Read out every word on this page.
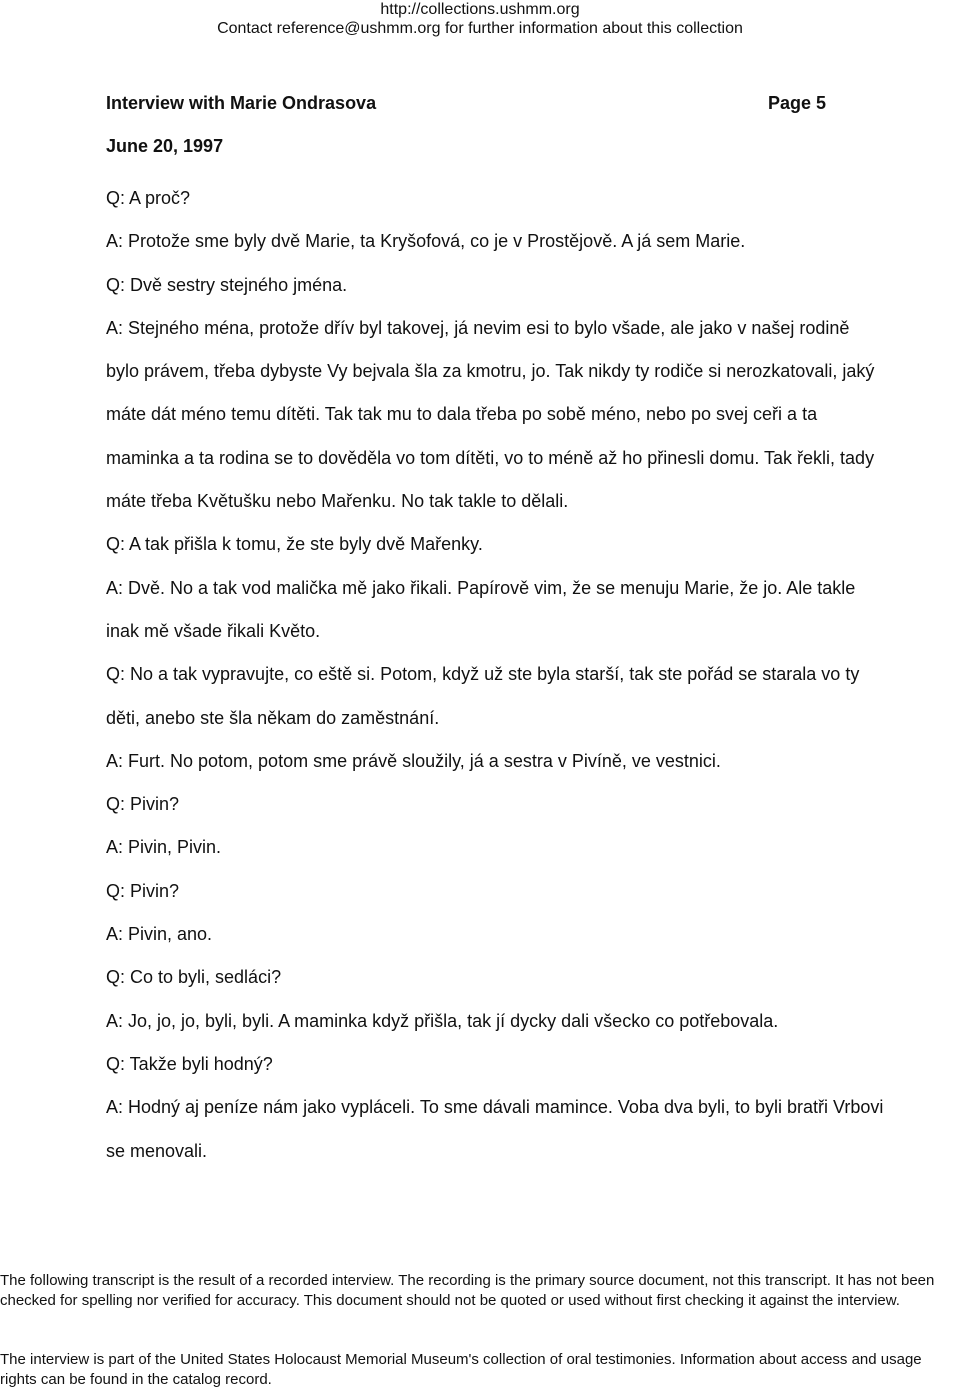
http://collections.ushmm.org
Contact reference@ushmm.org for further information about this collection
Interview with Marie Ondrasova	Page 5
June 20, 1997

Q: A proč?

A: Protože sme byly dvě Marie, ta Kryšofová, co je v Prostějově. A já sem Marie.

Q: Dvě sestry stejného jména.

A: Stejného ména, protože dřív byl takovej, já nevim esi to bylo všade, ale jako v našej rodině bylo právem, třeba dybyste Vy bejvala šla za kmotru, jo. Tak nikdy ty rodiče si nerozkatovali, jaký máte dát méno temu dítěti. Tak tak mu to dala třeba po sobě méno, nebo po svej ceři a ta maminka a ta rodina se to dověděla vo tom dítěti, vo to méně až ho přinesli domu. Tak řekli, tady máte třeba Květušku nebo Mařenku. No tak takle to dělali.

Q: A tak přišla k tomu, že ste byly dvě Mařenky.

A: Dvě. No a tak vod malička mě jako řikali. Papírově vim, že se menuju Marie, že jo. Ale takle inak mě všade řikali Květo.

Q: No a tak vypravujte, co eště si. Potom, když už ste byla starší, tak ste pořád se starala vo ty děti, anebo ste šla někam do zaměstnání.

A: Furt. No potom, potom sme právě sloužily, já a sestra v Pivíně, ve vestnici.

Q: Pivin?

A: Pivin, Pivin.

Q: Pivin?

A: Pivin, ano.

Q: Co to byli, sedláci?

A: Jo, jo, jo, byli, byli. A maminka když přišla, tak jí dycky dali všecko co potřebovala.

Q: Takže byli hodný?

A: Hodný aj peníze nám jako vypláceli. To sme dávali mamince. Voba dva byli, to byli bratři Vrbovi se menovali.

The following transcript is the result of a recorded interview. The recording is the primary source document, not this transcript. It has not been checked for spelling nor verified for accuracy. This document should not be quoted or used without first checking it against the interview.
The interview is part of the United States Holocaust Memorial Museum's collection of oral testimonies. Information about access and usage rights can be found in the catalog record.
